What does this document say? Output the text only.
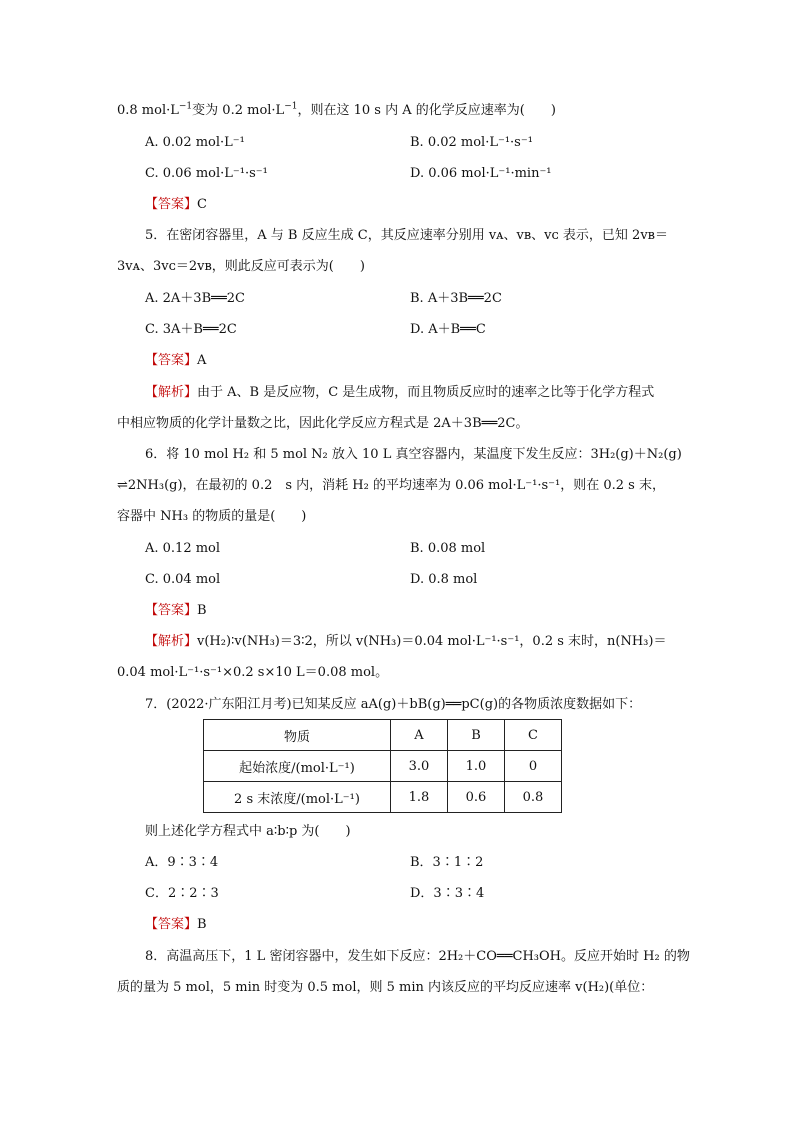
0.8 $mol\cdot L^{-1}$变为 0.2 $mol\cdot L^{-1}$，则在这 10 s 内 A 的化学反应速率为(　　)
A. 0.02 mol·L⁻¹	B. 0.02 mol·L⁻¹·s⁻¹
C. 0.06 mol·L⁻¹·s⁻¹	D. 0.06 mol·L⁻¹·min⁻¹
【答案】C
5．在密闭容器里，A 与 B 反应生成 C，其反应速率分别用 vᴀ、vʙ、vᴄ 表示，已知 2vʙ＝
3vᴀ、3vᴄ＝2vʙ，则此反应可表示为(　　)
A. 2A＋3B══2C	B. A＋3B══2C
C. 3A＋B══2C	D. A＋B══C
【答案】A
【解析】由于 A、B 是反应物，C 是生成物，而且物质反应时的速率之比等于化学方程式
中相应物质的化学计量数之比，因此化学反应方程式是 2A＋3B══2C。
6．将 10 mol H₂ 和 5 mol N₂ 放入 10 L 真空容器内，某温度下发生反应：3H₂(g)＋N₂(g)
⇌2NH₃(g)，在最初的 0.2 s 内，消耗 H₂ 的平均速率为 0.06 mol·L⁻¹·s⁻¹，则在 0.2 s 末，
容器中 NH₃ 的物质的量是(　　)
A. 0.12 mol	B. 0.08 mol
C. 0.04 mol	D. 0.8 mol
【答案】B
【解析】v(H₂)∶v(NH₃)＝3∶2，所以 v(NH₃)＝0.04 mol·L⁻¹·s⁻¹，0.2 s 末时，n(NH₃)＝
0.04 mol·L⁻¹·s⁻¹×0.2 s×10 L＝0.08 mol。
7．(2022·广东阳江月考)已知某反应 aA(g)＋bB(g)══pC(g)的各物质浓度数据如下：
物质	A	B	C
起始浓度/(mol·L⁻¹)	3.0	1.0	0
2 s 末浓度/(mol·L⁻¹)	1.8	0.6	0.8
则上述化学方程式中 a∶b∶p 为(　　)
A．9∶3∶4	B．3∶1∶2
C．2∶2∶3	D．3∶3∶4
【答案】B
8．高温高压下，1 L 密闭容器中，发生如下反应：2H₂＋CO══CH₃OH。反应开始时 H₂ 的物
质的量为 5 mol，5 min 时变为 0.5 mol，则 5 min 内该反应的平均反应速率 v(H₂)(单位：
